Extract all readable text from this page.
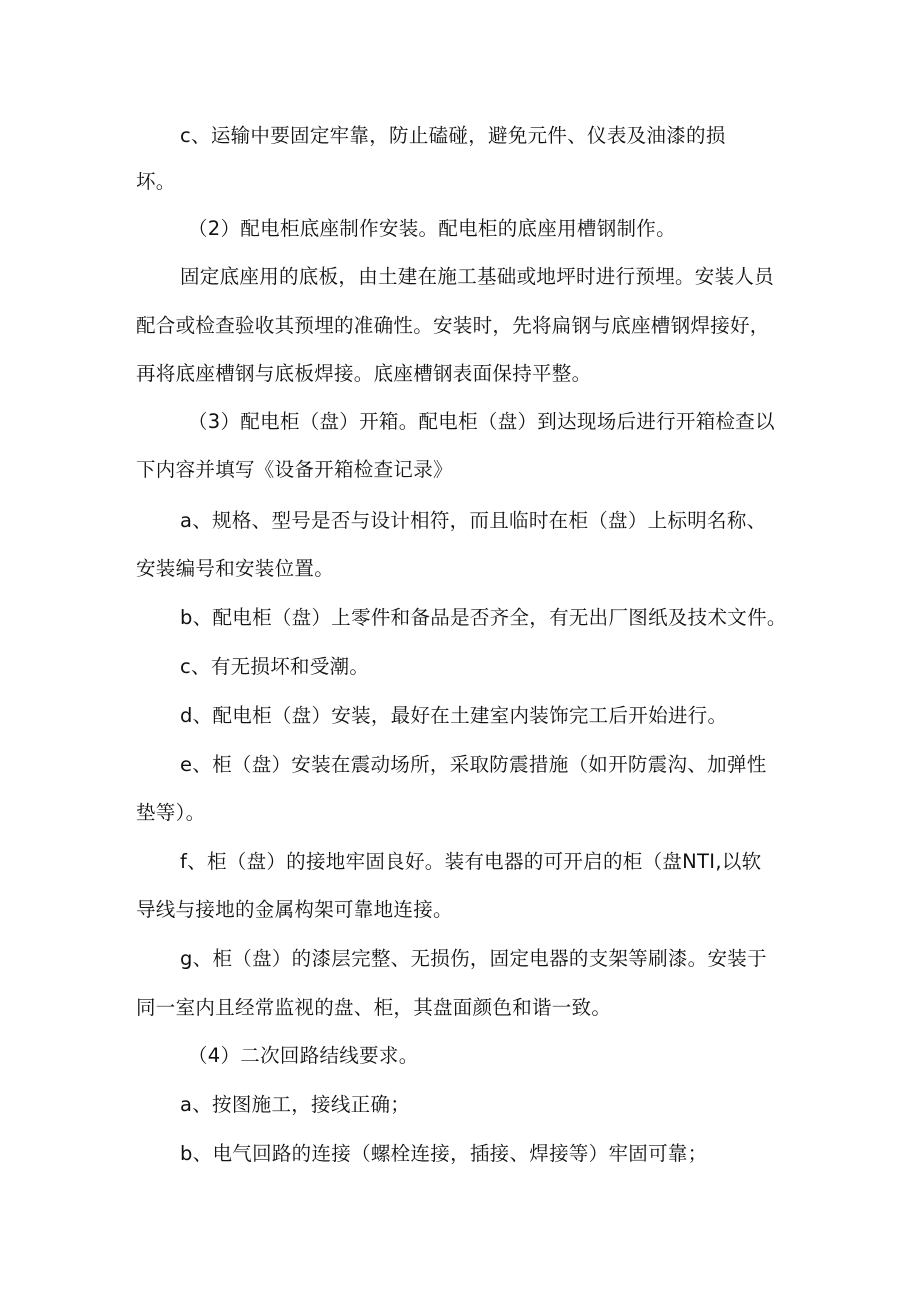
c、运输中要固定牢靠，防止磕碰，避免元件、仪表及油漆的损
坏。
（2）配电柜底座制作安装。配电柜的底座用槽钢制作。
固定底座用的底板，由土建在施工基础或地坪时进行预埋。安装人员
配合或检查验收其预埋的准确性。安装时，先将扁钢与底座槽钢焊接好，
再将底座槽钢与底板焊接。底座槽钢表面保持平整。
（3）配电柜（盘）开箱。配电柜（盘）到达现场后进行开箱检查以
下内容并填写《设备开箱检查记录》
a、规格、型号是否与设计相符，而且临时在柜（盘）上标明名称、
安装编号和安装位置。
b、配电柜（盘）上零件和备品是否齐全，有无出厂图纸及技术文件。
c、有无损坏和受潮。
d、配电柜（盘）安装，最好在土建室内装饰完工后开始进行。
e、柜（盘）安装在震动场所，采取防震措施（如开防震沟、加弹性
垫等）。
f、柜（盘）的接地牢固良好。装有电器的可开启的柜（盘NTI,以软
导线与接地的金属构架可靠地连接。
g、柜（盘）的漆层完整、无损伤，固定电器的支架等刷漆。安装于
同一室内且经常监视的盘、柜，其盘面颜色和谐一致。
（4）二次回路结线要求。
a、按图施工，接线正确；
b、电气回路的连接（螺栓连接，插接、焊接等）牢固可靠；
